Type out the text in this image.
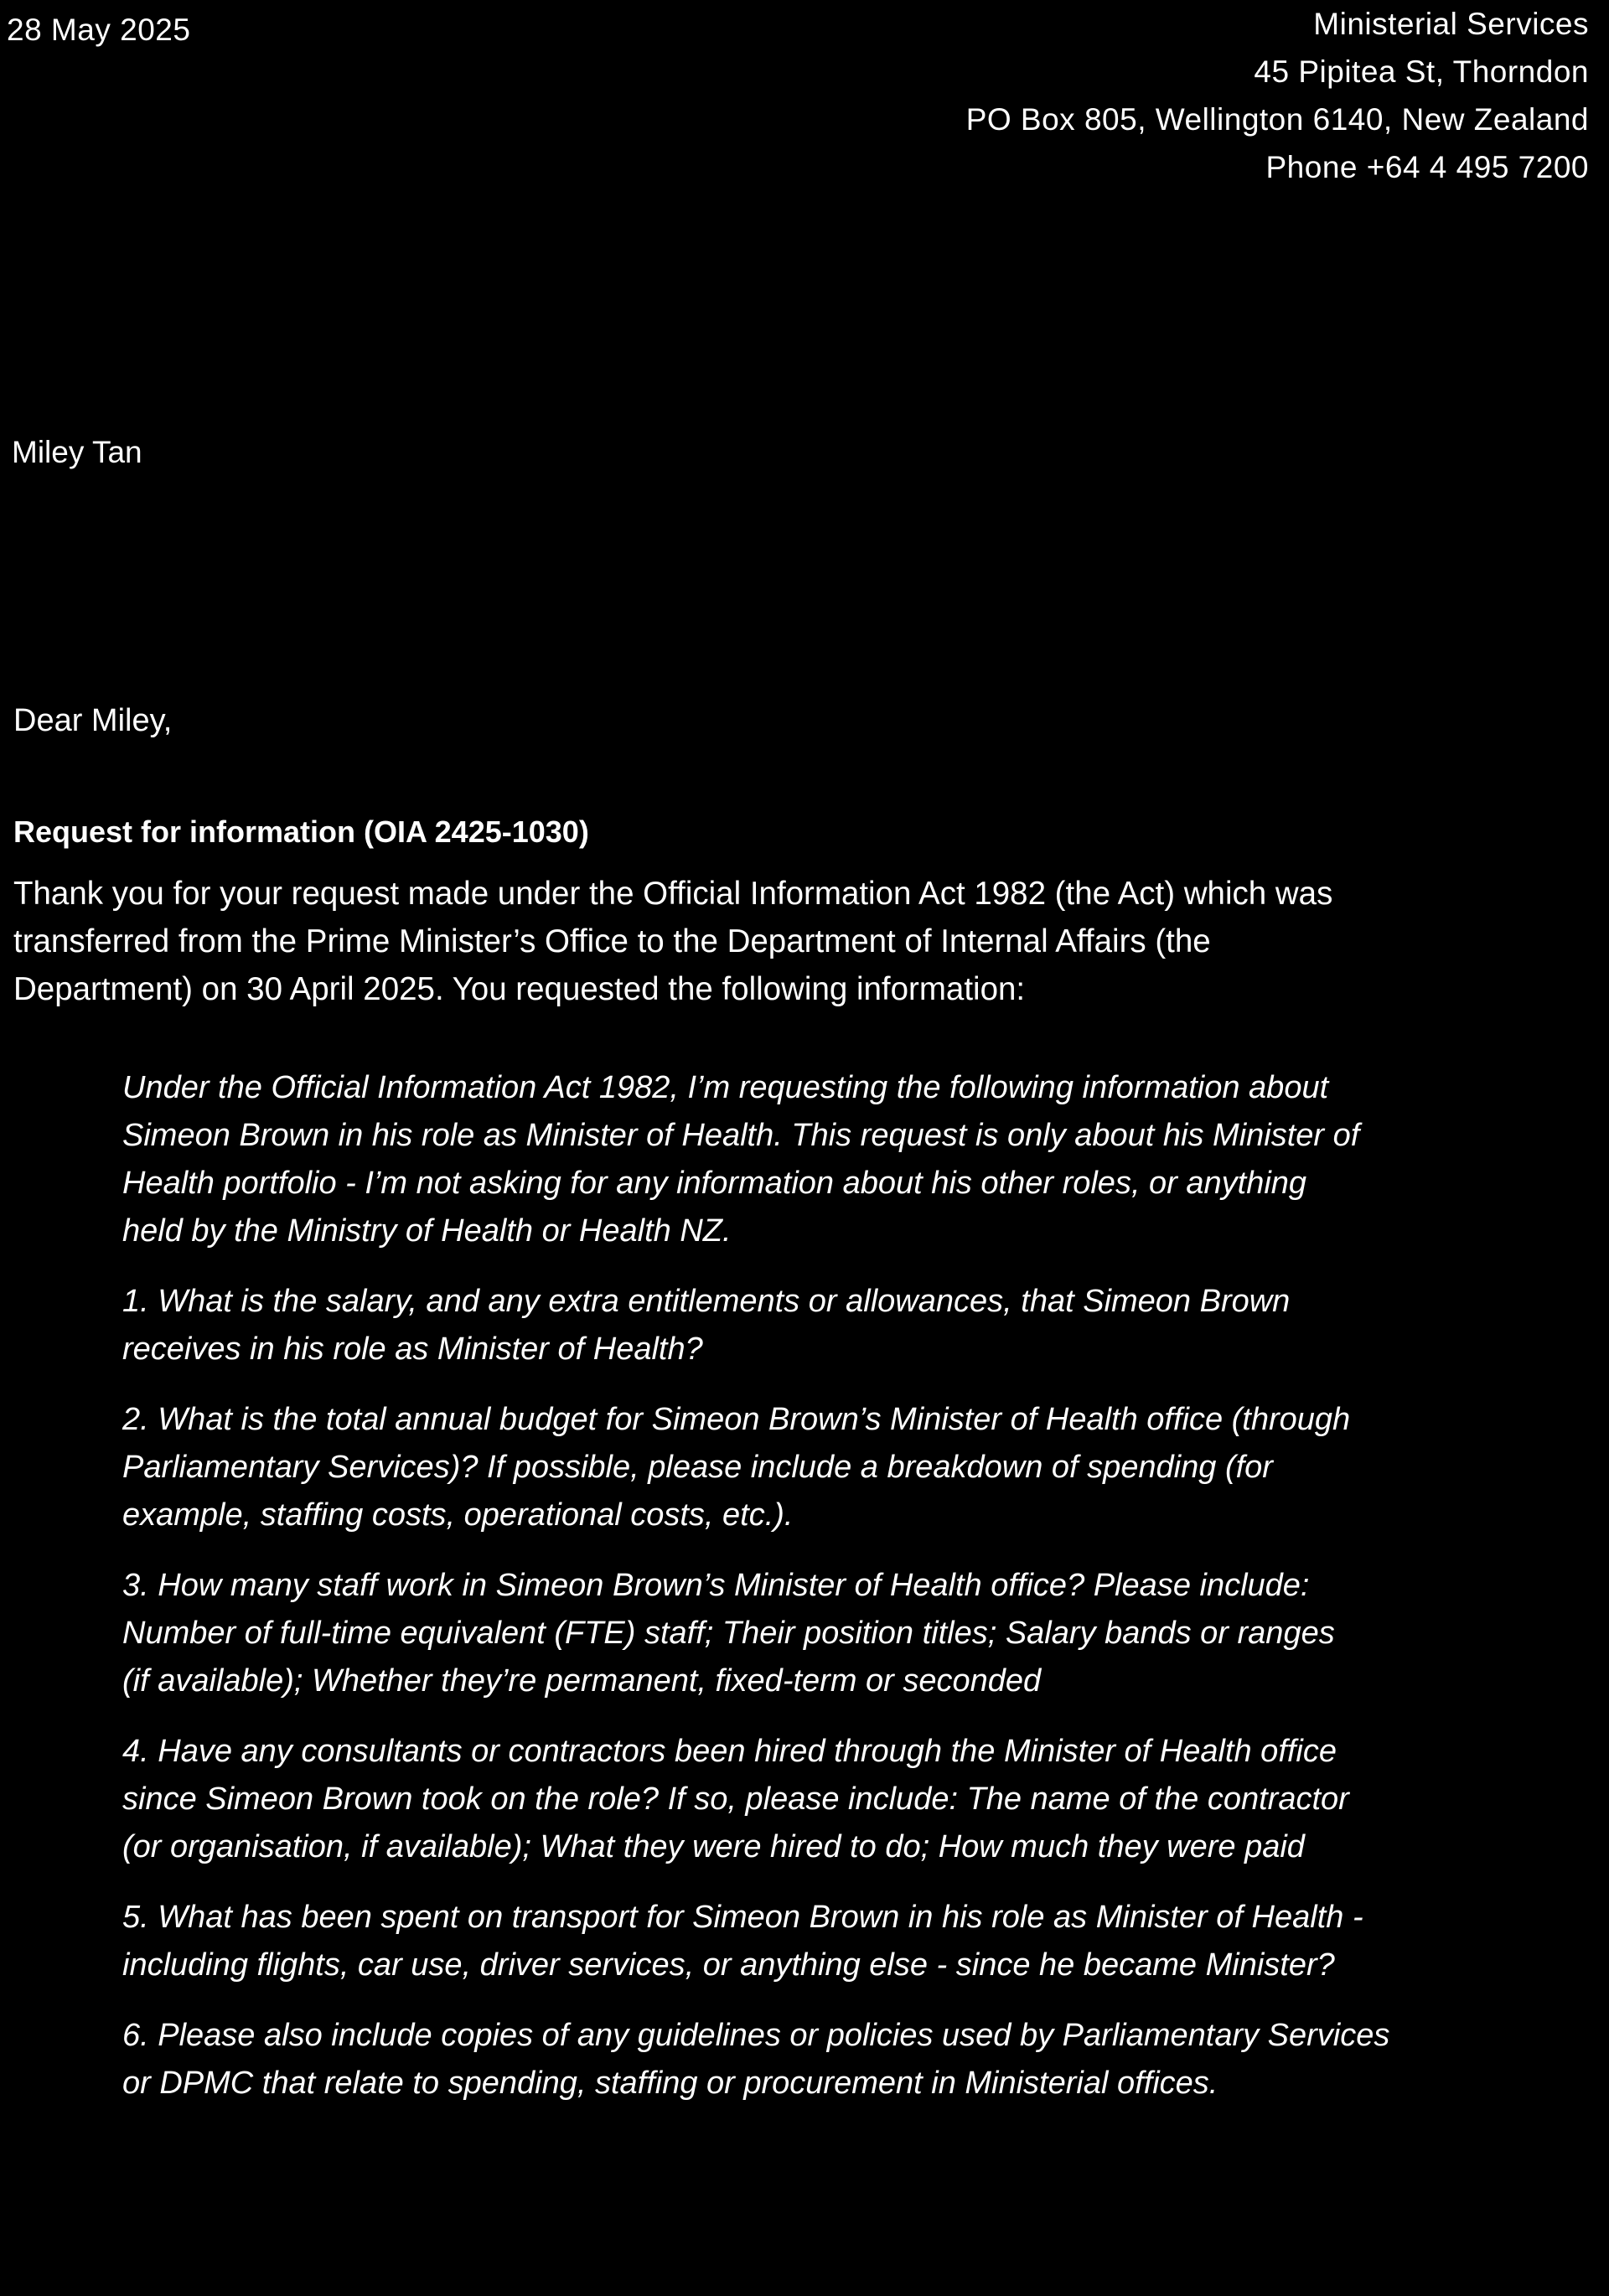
28 May 2025	Ministerial Services
45 Pipitea St, Thorndon
PO Box 805, Wellington 6140, New Zealand
Phone +64 4 495 7200
Miley Tan
Dear Miley,
Request for information (OIA 2425-1030)
Thank you for your request made under the Official Information Act 1982 (the Act) which was
transferred from the Prime Minister’s Office to the Department of Internal Affairs (the
Department) on 30 April 2025. You requested the following information:
Under the Official Information Act 1982, I’m requesting the following information about
Simeon Brown in his role as Minister of Health. This request is only about his Minister of
Health portfolio - I’m not asking for any information about his other roles, or anything
held by the Ministry of Health or Health NZ.
1. What is the salary, and any extra entitlements or allowances, that Simeon Brown
receives in his role as Minister of Health?
2. What is the total annual budget for Simeon Brown’s Minister of Health office (through
Parliamentary Services)? If possible, please include a breakdown of spending (for
example, staffing costs, operational costs, etc.).
3. How many staff work in Simeon Brown’s Minister of Health office? Please include:
Number of full-time equivalent (FTE) staff; Their position titles; Salary bands or ranges
(if available); Whether they’re permanent, fixed-term or seconded
4. Have any consultants or contractors been hired through the Minister of Health office
since Simeon Brown took on the role? If so, please include: The name of the contractor
(or organisation, if available); What they were hired to do; How much they were paid
5. What has been spent on transport for Simeon Brown in his role as Minister of Health -
including flights, car use, driver services, or anything else - since he became Minister?
6. Please also include copies of any guidelines or policies used by Parliamentary Services
or DPMC that relate to spending, staffing or procurement in Ministerial offices.
